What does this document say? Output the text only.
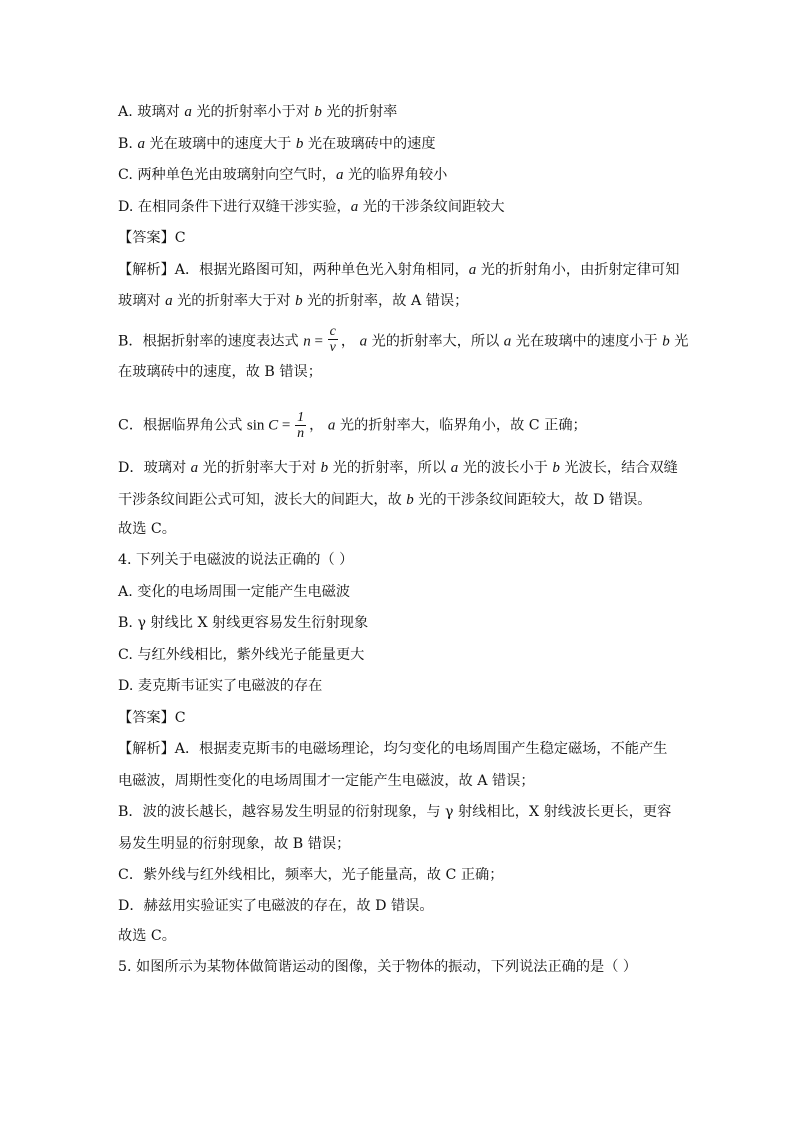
A. 玻璃对 a 光的折射率小于对 b 光的折射率
B. a 光在玻璃中的速度大于 b 光在玻璃砖中的速度
C. 两种单色光由玻璃射向空气时，a 光的临界角较小
D. 在相同条件下进行双缝干涉实验，a 光的干涉条纹间距较大
【答案】C
【解析】A．根据光路图可知，两种单色光入射角相同，a 光的折射角小，由折射定律可知
玻璃对 a 光的折射率大于对 b 光的折射率，故 A 错误；
B．根据折射率的速度表达式 $n = \frac{c}{v}$ ， a 光的折射率大，所以 a 光在玻璃中的速度小于 b 光
在玻璃砖中的速度，故 B 错误；
C．根据临界角公式 $\sin C = \frac{1}{n}$ ， a 光的折射率大，临界角小，故 C 正确；
D．玻璃对 a 光的折射率大于对 b 光的折射率，所以 a 光的波长小于 b 光波长，结合双缝
干涉条纹间距公式可知，波长大的间距大，故 b 光的干涉条纹间距较大，故 D 错误。
故选 C。
4. 下列关于电磁波的说法正确的（ ）
A. 变化的电场周围一定能产生电磁波
B. γ 射线比 X 射线更容易发生衍射现象
C. 与红外线相比，紫外线光子能量更大
D. 麦克斯韦证实了电磁波的存在
【答案】C
【解析】A．根据麦克斯韦的电磁场理论，均匀变化的电场周围产生稳定磁场，不能产生
电磁波，周期性变化的电场周围才一定能产生电磁波，故 A 错误；
B．波的波长越长，越容易发生明显的衍射现象，与 γ 射线相比，X 射线波长更长，更容
易发生明显的衍射现象，故 B 错误；
C．紫外线与红外线相比，频率大，光子能量高，故 C 正确；
D．赫兹用实验证实了电磁波的存在，故 D 错误。
故选 C。
5. 如图所示为某物体做简谐运动的图像，关于物体的振动，下列说法正确的是（ ）
